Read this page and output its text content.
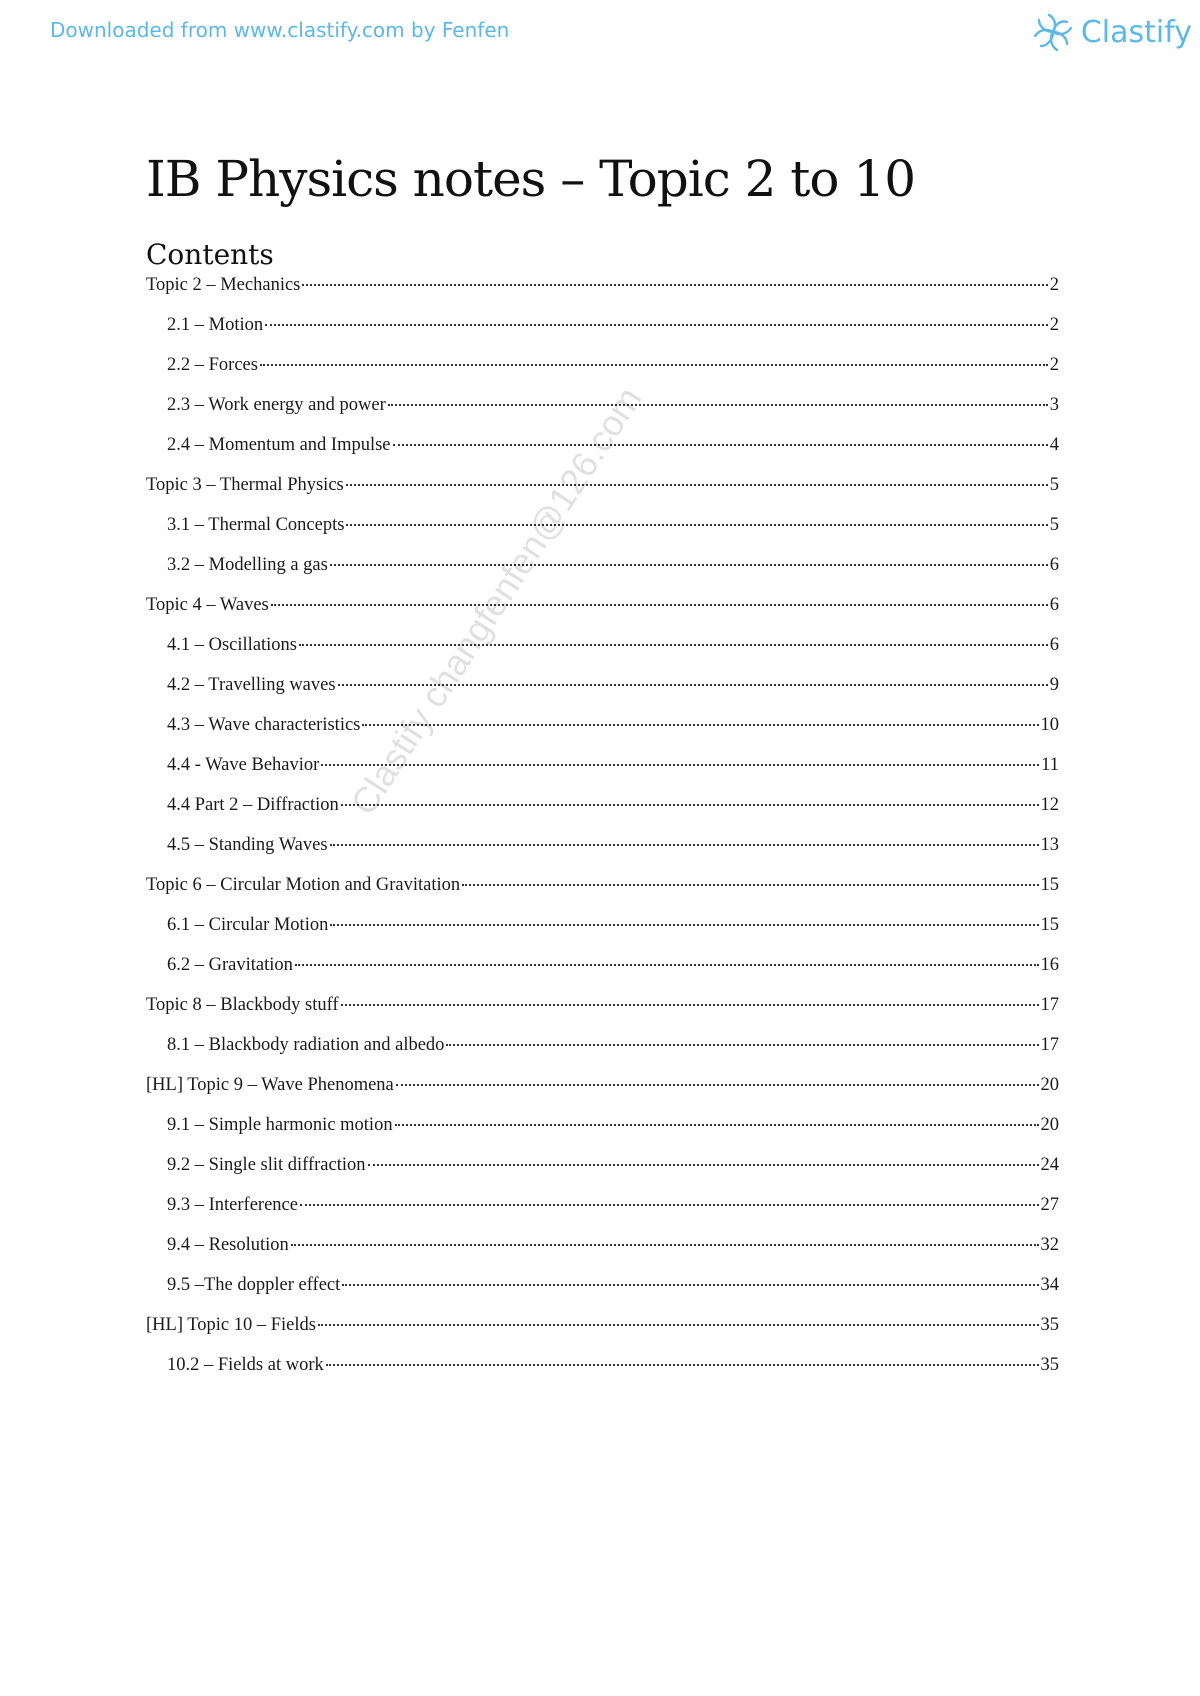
Downloaded from www.clastify.com by Fenfen	Clastify
IB Physics notes – Topic 2 to 10
Contents
Topic 2 – Mechanics	2
2.1 – Motion	2
2.2 – Forces	2
2.3 – Work energy and power	3
2.4 – Momentum and Impulse	4
Topic 3 – Thermal Physics	5
3.1 – Thermal Concepts	5
3.2 – Modelling a gas	6
Topic 4 – Waves	6
4.1 – Oscillations	6
4.2 – Travelling waves	9
4.3 – Wave characteristics	10
4.4 - Wave Behavior	11
4.4 Part 2 – Diffraction	12
4.5 – Standing Waves	13
Topic 6 – Circular Motion and Gravitation	15
6.1 – Circular Motion	15
6.2 – Gravitation	16
Topic 8 – Blackbody stuff	17
8.1 – Blackbody radiation and albedo	17
[HL] Topic 9 – Wave Phenomena	20
9.1 – Simple harmonic motion	20
9.2 – Single slit diffraction	24
9.3 – Interference	27
9.4 – Resolution	32
9.5 –The doppler effect	34
[HL] Topic 10 – Fields	35
10.2 – Fields at work	35
Clastify changfenfen@126.com
